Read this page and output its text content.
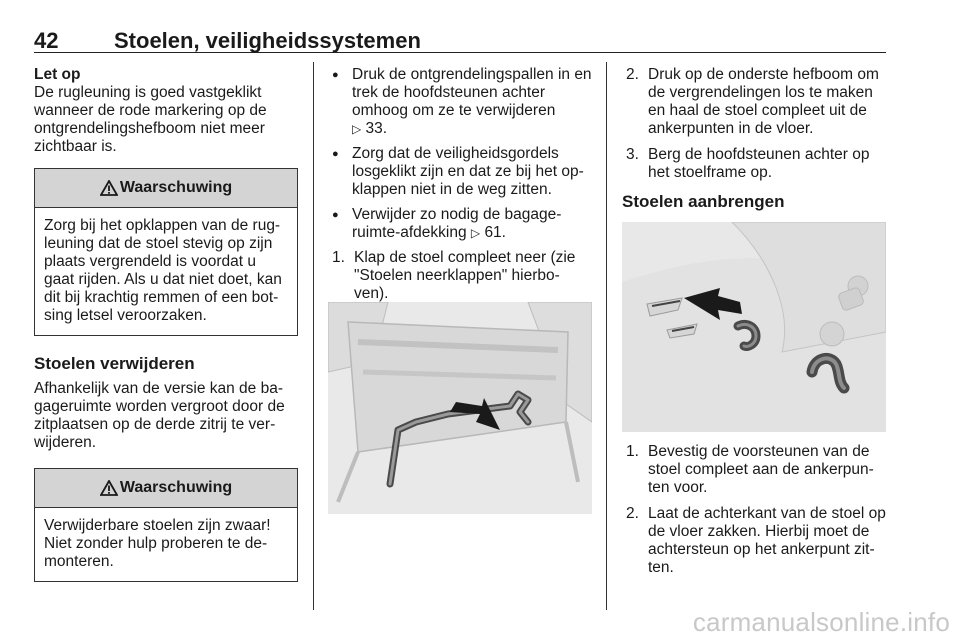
42	Stoelen, veiligheidssystemen

Let op

De rugleuning is goed vastgeklikt wanneer de rode markering op de ontgrendelingshefboom niet meer zichtbaar is.

Waarschuwing

Zorg bij het opklappen van de rug-leuning dat de stoel stevig op zijn plaats vergrendeld is voordat u gaat rijden. Als u dat niet doet, kan dit bij krachtig remmen of een bot-sing letsel veroorzaken.

Stoelen verwijderen

Afhankelijk van de versie kan de ba-gageruimte worden vergroot door de zitplaatsen op de derde zitrij te ver-wijderen.

Waarschuwing

Verwijderbare stoelen zijn zwaar! Niet zonder hulp proberen te de-monteren.

● Druk de ontgrendelingspallen in en trek de hoofdsteunen achter omhoog om ze te verwijderen
▷ 33.
● Zorg dat de veiligheidsgordels losgeklikt zijn en dat ze bij het op-klappen niet in de weg zitten.
● Verwijder zo nodig de bagage-ruimte-afdekking ▷ 61.
1. Klap de stoel compleet neer (zie "Stoelen neerklappen" hierbo-ven).
2. Druk op de onderste hefboom om de vergrendelingen los te maken en haal de stoel compleet uit de ankerpunten in de vloer.
3. Berg de hoofdsteunen achter op het stoelframe op.

Stoelen aanbrengen

1. Bevestig de voorsteunen van de stoel compleet aan de ankerpun-ten voor.
2. Laat de achterkant van de stoel op de vloer zakken. Hierbij moet de achtersteun op het ankerpunt zit-ten.
carmanualsonline.info
